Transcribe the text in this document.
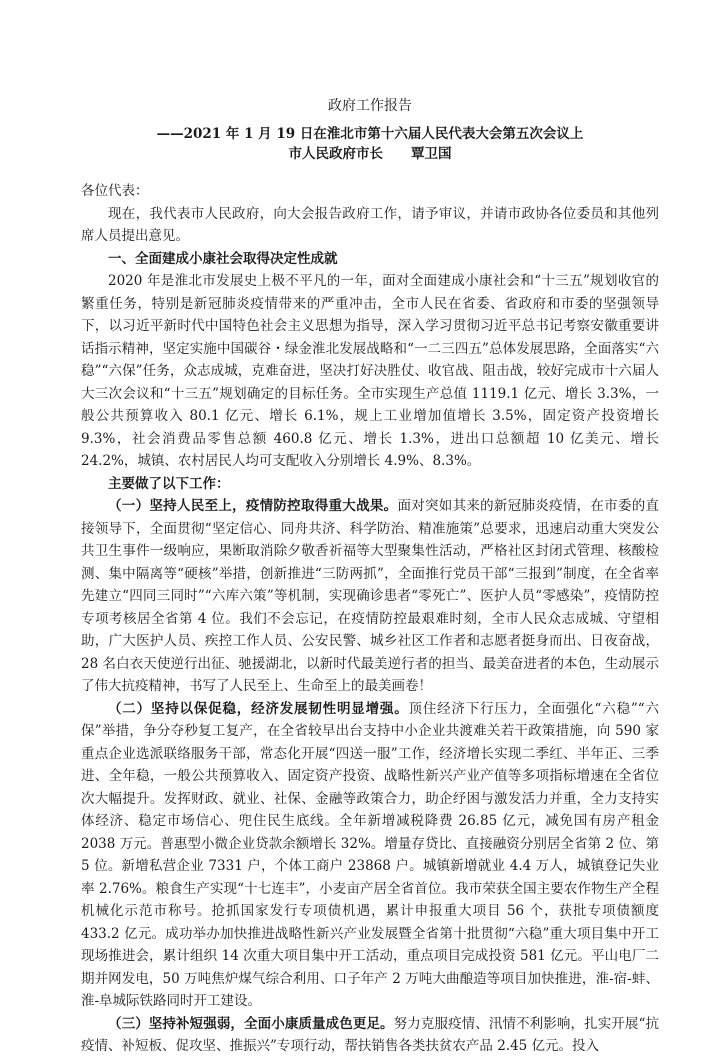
政府工作报告

——2021 年 1 月 19 日在淮北市第十六届人民代表大会第五次会议上

市人民政府市长 覃卫国

各位代表：

现在，我代表市人民政府，向大会报告政府工作，请予审议，并请市政协各位委员和其他列席人员提出意见。

一、全面建成小康社会取得决定性成就

2020 年是淮北市发展史上极不平凡的一年，面对全面建成小康社会和“十三五”规划收官的繁重任务，特别是新冠肺炎疫情带来的严重冲击，全市人民在省委、省政府和市委的坚强领导下，以习近平新时代中国特色社会主义思想为指导，深入学习贯彻习近平总书记考察安徽重要讲话指示精神，坚定实施中国碳谷・绿金淮北发展战略和“一二三四五”总体发展思路，全面落实“六稳”“六保”任务，众志成城，克难奋进，坚决打好决胜仗、收官战、阻击战，较好完成市十六届人大三次会议和“十三五”规划确定的目标任务。全市实现生产总值 1119.1 亿元、增长 3.3%，一般公共预算收入 80.1 亿元、增长 6.1%，规上工业增加值增长 3.5%，固定资产投资增长 9.3%，社会消费品零售总额 460.8 亿元、增长 1.3%，进出口总额超 10 亿美元、增长 24.2%，城镇、农村居民人均可支配收入分别增长 4.9%、8.3%。

主要做了以下工作：

（一）坚持人民至上，疫情防控取得重大战果。面对突如其来的新冠肺炎疫情，在市委的直接领导下，全面贯彻“坚定信心、同舟共济、科学防治、精准施策”总要求，迅速启动重大突发公共卫生事件一级响应，果断取消除夕敬香祈福等大型聚集性活动，严格社区封闭式管理、核酸检测、集中隔离等“硬核”举措，创新推进“三防两抓”，全面推行党员干部“三报到”制度，在全省率先建立“四同三同时”“六库六策”等机制，实现确诊患者“零死亡”、医护人员“零感染”，疫情防控专项考核居全省第 4 位。我们不会忘记，在疫情防控最艰难时刻，全市人民众志成城、守望相助，广大医护人员、疾控工作人员、公安民警、城乡社区工作者和志愿者挺身而出、日夜奋战，28 名白衣天使逆行出征、驰援湖北，以新时代最美逆行者的担当、最美奋进者的本色，生动展示了伟大抗疫精神，书写了人民至上、生命至上的最美画卷！

（二）坚持以保促稳，经济发展韧性明显增强。顶住经济下行压力，全面强化“六稳”“六保”举措，争分夺秒复工复产，在全省较早出台支持中小企业共渡难关若干政策措施，向 590 家重点企业选派联络服务干部，常态化开展“四送一服”工作，经济增长实现二季红、半年正、三季进、全年稳，一般公共预算收入、固定资产投资、战略性新兴产业产值等多项指标增速在全省位次大幅提升。发挥财政、就业、社保、金融等政策合力，助企纾困与激发活力并重，全力支持实体经济、稳定市场信心、兜住民生底线。全年新增减税降费 26.85 亿元，减免国有房产租金 2038 万元。普惠型小微企业贷款余额增长 32%。增量存贷比、直接融资分别居全省第 2 位、第 5 位。新增私营企业 7331 户，个体工商户 23868 户。城镇新增就业 4.4 万人，城镇登记失业率 2.76%。粮食生产实现“十七连丰”，小麦亩产居全省首位。我市荣获全国主要农作物生产全程机械化示范市称号。抢抓国家发行专项债机遇，累计申报重大项目 56 个，获批专项债额度 433.2 亿元。成功举办加快推进战略性新兴产业发展暨全省第十批贯彻“六稳”重大项目集中开工现场推进会，累计组织 14 次重大项目集中开工活动，重点项目完成投资 581 亿元。平山电厂二期并网发电，50 万吨焦炉煤气综合利用、口子年产 2 万吨大曲酿造等项目加快推进，淮-宿-蚌、淮-阜城际铁路同时开工建设。

（三）坚持补短强弱，全面小康质量成色更足。努力克服疫情、汛情不利影响，扎实开展“抗疫情、补短板、促攻坚、推振兴”专项行动，帮扶销售各类扶贫农产品 2.45 亿元。投入
